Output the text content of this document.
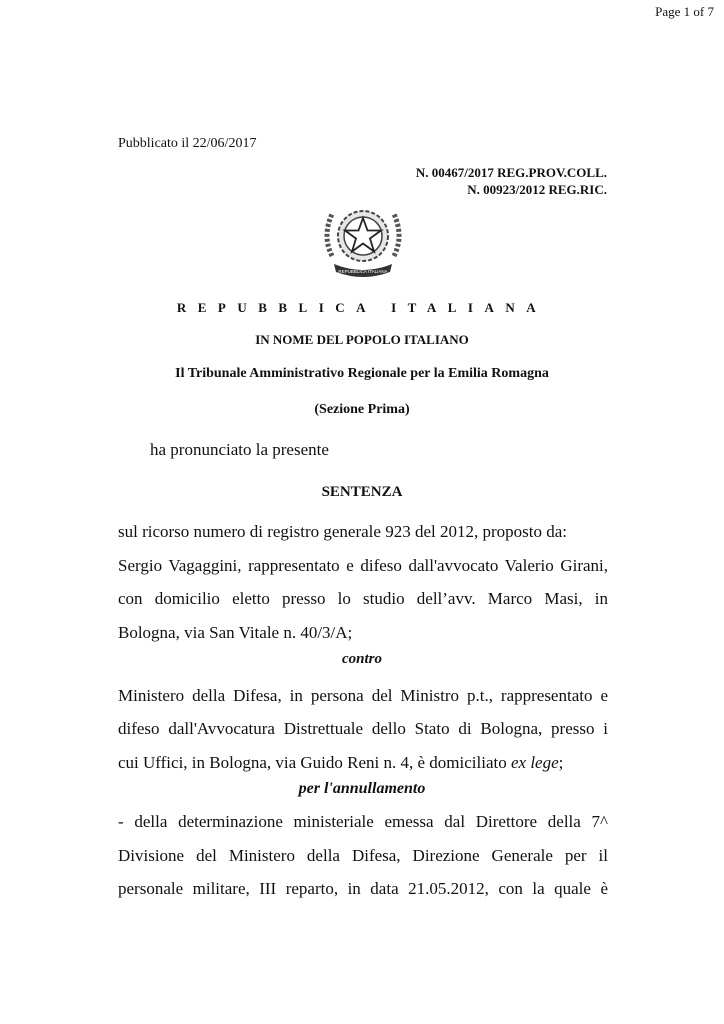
Page 1 of 7
Pubblicato il 22/06/2017
N. 00467/2017 REG.PROV.COLL.
N. 00923/2012 REG.RIC.
REPUBBLICA ITALIANA
REPUBBLICA ITALIANA
IN NOME DEL POPOLO ITALIANO
Il Tribunale Amministrativo Regionale per la Emilia Romagna
(Sezione Prima)
ha pronunciato la presente
SENTENZA
sul ricorso numero di registro generale 923 del 2012, proposto da:
Sergio Vagaggini, rappresentato e difeso dall'avvocato Valerio Girani,
con domicilio eletto presso lo studio dell’avv. Marco Masi, in
Bologna, via San Vitale n. 40/3/A;
contro
Ministero della Difesa, in persona del Ministro p.t., rappresentato e
difeso dall'Avvocatura Distrettuale dello Stato di Bologna, presso i
cui Uffici, in Bologna, via Guido Reni n. 4, è domiciliato ex lege;
per l'annullamento
- della determinazione ministeriale emessa dal Direttore della 7^
Divisione del Ministero della Difesa, Direzione Generale per il
personale militare, III reparto, in data 21.05.2012, con la quale è
